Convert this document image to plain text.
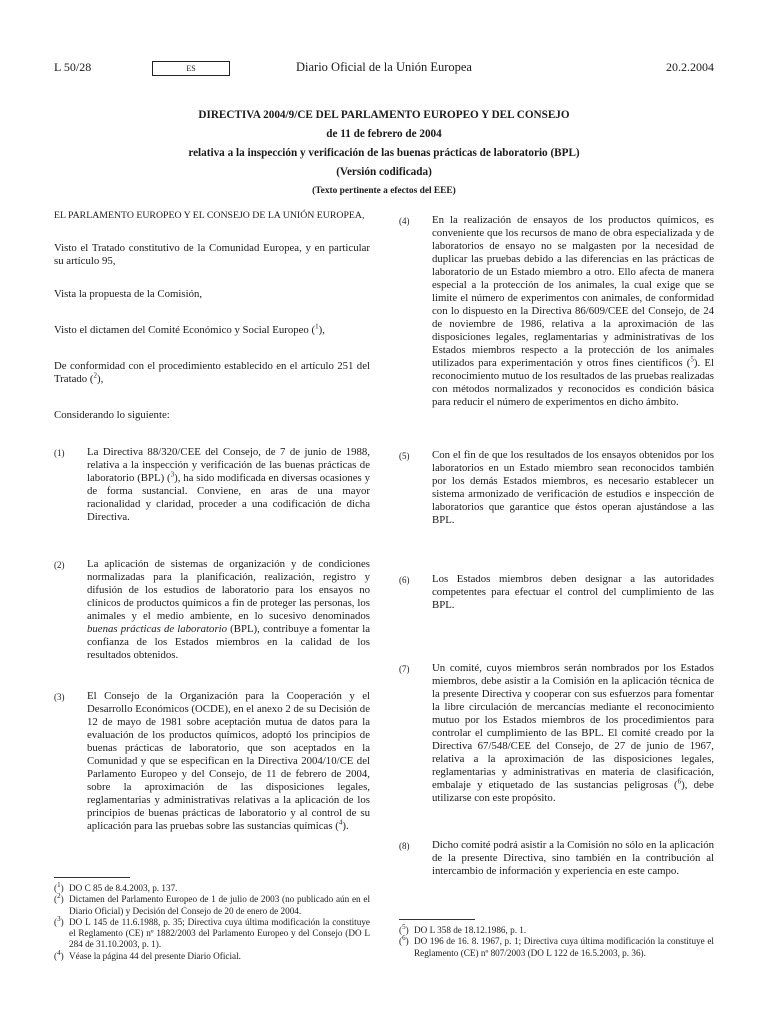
L 50/28	ES	Diario Oficial de la Unión Europea	20.2.2004
DIRECTIVA 2004/9/CE DEL PARLAMENTO EUROPEO Y DEL CONSEJO
de 11 de febrero de 2004
relativa a la inspección y verificación de las buenas prácticas de laboratorio (BPL)
(Versión codificada)
(Texto pertinente a efectos del EEE)

EL PARLAMENTO EUROPEO Y EL CONSEJO DE LA UNIÓN EUROPEA,

Visto el Tratado constitutivo de la Comunidad Europea, y en particular su artículo 95,

Vista la propuesta de la Comisión,

Visto el dictamen del Comité Económico y Social Europeo ($^1$),

De conformidad con el procedimiento establecido en el artículo 251 del Tratado ($^2$),

Considerando lo siguiente:

(1) La Directiva 88/320/CEE del Consejo, de 7 de junio de 1988, relativa a la inspección y verificación de las buenas prácticas de laboratorio (BPL) ($^3$), ha sido modificada en diversas ocasiones y de forma sustancial. Conviene, en aras de una mayor racionalidad y claridad, proceder a una codificación de dicha Directiva.

(2) La aplicación de sistemas de organización y de condiciones normalizadas para la planificación, realización, registro y difusión de los estudios de laboratorio para los ensayos no clínicos de productos químicos a fin de proteger las personas, los animales y el medio ambiente, en lo sucesivo denominados buenas prácticas de laboratorio (BPL), contribuye a fomentar la confianza de los Estados miembros en la calidad de los resultados obtenidos.

(3) El Consejo de la Organización para la Cooperación y el Desarrollo Económicos (OCDE), en el anexo 2 de su Decisión de 12 de mayo de 1981 sobre aceptación mutua de datos para la evaluación de los productos químicos, adoptó los principios de buenas prácticas de laboratorio, que son aceptados en la Comunidad y que se especifican en la Directiva 2004/10/CE del Parlamento Europeo y del Consejo, de 11 de febrero de 2004, sobre la aproximación de las disposiciones legales, reglamentarias y administrativas relativas a la aplicación de los principios de buenas prácticas de laboratorio y al control de su aplicación para las pruebas sobre las sustancias químicas ($^4$).

(4) En la realización de ensayos de los productos químicos, es conveniente que los recursos de mano de obra especializada y de laboratorios de ensayo no se malgasten por la necesidad de duplicar las pruebas debido a las diferencias en las prácticas de laboratorio de un Estado miembro a otro. Ello afecta de manera especial a la protección de los animales, la cual exige que se limite el número de experimentos con animales, de conformidad con lo dispuesto en la Directiva 86/609/CEE del Consejo, de 24 de noviembre de 1986, relativa a la aproximación de las disposiciones legales, reglamentarias y administrativas de los Estados miembros respecto a la protección de los animales utilizados para experimentación y otros fines científicos ($^5$). El reconocimiento mutuo de los resultados de las pruebas realizadas con métodos normalizados y reconocidos es condición básica para reducir el número de experimentos en dicho ámbito.

(5) Con el fin de que los resultados de los ensayos obtenidos por los laboratorios en un Estado miembro sean reconocidos también por los demás Estados miembros, es necesario establecer un sistema armonizado de verificación de estudios e inspección de laboratorios que garantice que éstos operan ajustándose a las BPL.

(6) Los Estados miembros deben designar a las autoridades competentes para efectuar el control del cumplimiento de las BPL.

(7) Un comité, cuyos miembros serán nombrados por los Estados miembros, debe asistir a la Comisión en la aplicación técnica de la presente Directiva y cooperar con sus esfuerzos para fomentar la libre circulación de mercancías mediante el reconocimiento mutuo por los Estados miembros de los procedimientos para controlar el cumplimiento de las BPL. El comité creado por la Directiva 67/548/CEE del Consejo, de 27 de junio de 1967, relativa a la aproximación de las disposiciones legales, reglamentarias y administrativas en materia de clasificación, embalaje y etiquetado de las sustancias peligrosas ($^6$), debe utilizarse con este propósito.

(8) Dicho comité podrá asistir a la Comisión no sólo en la aplicación de la presente Directiva, sino también en la contribución al intercambio de información y experiencia en este campo.

($^1$) DO C 85 de 8.4.2003, p. 137.
($^2$) Dictamen del Parlamento Europeo de 1 de julio de 2003 (no publicado aún en el Diario Oficial) y Decisión del Consejo de 20 de enero de 2004.
($^3$) DO L 145 de 11.6.1988, p. 35; Directiva cuya última modificación la constituye el Reglamento (CE) nº 1882/2003 del Parlamento Europeo y del Consejo (DO L 284 de 31.10.2003, p. 1).
($^4$) Véase la página 44 del presente Diario Oficial.
($^5$) DO L 358 de 18.12.1986, p. 1.
($^6$) DO 196 de 16. 8. 1967, p. 1; Directiva cuya última modificación la constituye el Reglamento (CE) nº 807/2003 (DO L 122 de 16.5.2003, p. 36).
